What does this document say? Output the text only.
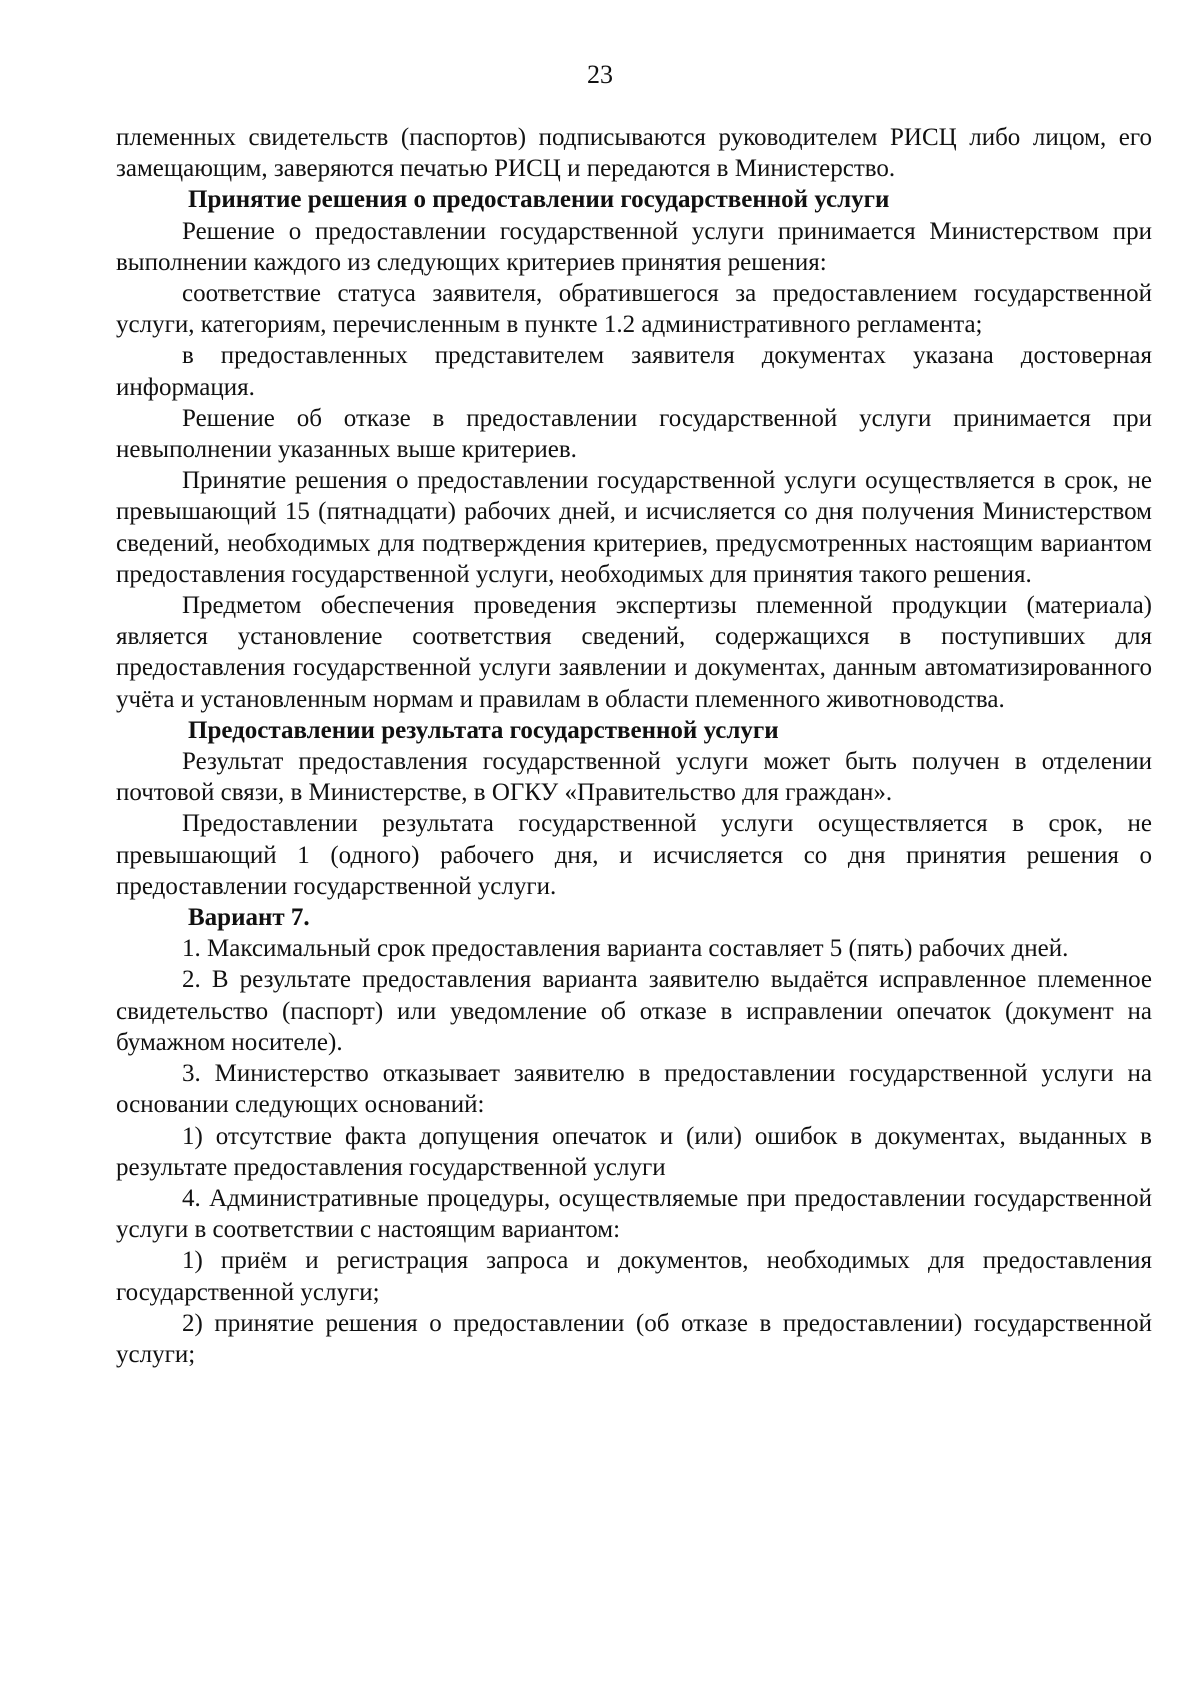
23

племенных свидетельств (паспортов) подписываются руководителем РИСЦ либо лицом, его замещающим, заверяются печатью РИСЦ и передаются в Министерство.

Принятие решения о предоставлении государственной услуги

Решение о предоставлении государственной услуги принимается Министерством при выполнении каждого из следующих критериев принятия решения:

соответствие статуса заявителя, обратившегося за предоставлением государственной услуги, категориям, перечисленным в пункте 1.2 административного регламента;

в предоставленных представителем заявителя документах указана достоверная информация.

Решение об отказе в предоставлении государственной услуги принимается при невыполнении указанных выше критериев.

Принятие решения о предоставлении государственной услуги осуществляется в срок, не превышающий 15 (пятнадцати) рабочих дней, и исчисляется со дня получения Министерством сведений, необходимых для подтверждения критериев, предусмотренных настоящим вариантом предоставления государственной услуги, необходимых для принятия такого решения.

Предметом обеспечения проведения экспертизы племенной продукции (материала) является установление соответствия сведений, содержащихся в поступивших для предоставления государственной услуги заявлении и документах, данным автоматизированного учёта и установленным нормам и правилам в области племенного животноводства.

Предоставлении результата государственной услуги

Результат предоставления государственной услуги может быть получен в отделении почтовой связи, в Министерстве, в ОГКУ «Правительство для граждан».

Предоставлении результата государственной услуги осуществляется в срок, не превышающий 1 (одного) рабочего дня, и исчисляется со дня принятия решения о предоставлении государственной услуги.

Вариант 7.

1. Максимальный срок предоставления варианта составляет 5 (пять) рабочих дней.

2. В результате предоставления варианта заявителю выдаётся исправленное племенное свидетельство (паспорт) или уведомление об отказе в исправлении опечаток (документ на бумажном носителе).

3. Министерство отказывает заявителю в предоставлении государственной услуги на основании следующих оснований:

1) отсутствие факта допущения опечаток и (или) ошибок в документах, выданных в результате предоставления государственной услуги

4. Административные процедуры, осуществляемые при предоставлении государственной услуги в соответствии с настоящим вариантом:

1) приём и регистрация запроса и документов, необходимых для предоставления государственной услуги;

2) принятие решения о предоставлении (об отказе в предоставлении) государственной услуги;
